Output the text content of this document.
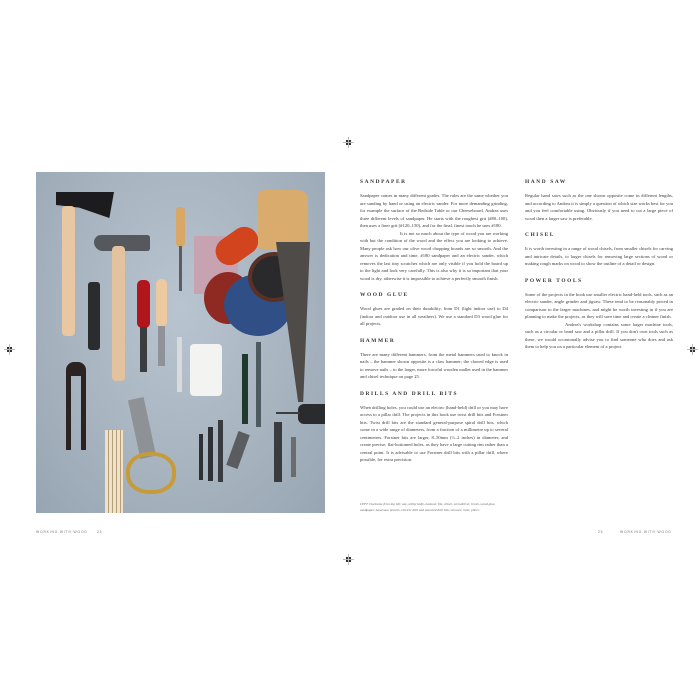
WORKING WITH WOOD	24
SANDPAPER
Sandpaper comes in many different grades. The rules are the same whether you are sanding by hand or using an electric sander. For more demanding grinding, for example the surface of the Bedside Table or our Cheeseboard, Andrea uses three different levels of sandpaper. He starts with the roughest grit (#80–100), then uses a finer grit (#120–150), and for the final, finest touch he uses #180.
It is not so much about the type of wood you are working with but the condition of the wood and the effect you are looking to achieve. Many people ask how our olive wood chopping boards are so smooth. And the answer is dedication and time, #180 sandpaper and an electric sander, which removes the last tiny scratches which are only visible if you hold the board up to the light and look very carefully. This is also why it is so important that your wood is dry, otherwise it is impossible to achieve a perfectly smooth finish.
WOOD GLUE
Wood glues are graded on their durability, from D1 (light indoor use) to D4 (indoor and outdoor use in all weathers). We use a standard D3 wood glue for all projects.
HAMMER
There are many different hammers, from the metal hammers used to knock in nails – the hammer shown opposite is a claw hammer; the clawed edge is used to remove nails – to the larger, more forceful wooden mallet used in the hammer and chisel technique on page 25.
DRILLS AND DRILL BITS
When drilling holes, you could use an electric (hand-held) drill or you may have access to a pillar drill. The projects in this book use twist drill bits and Forstner bits. Twist drill bits are the standard general-purpose spiral drill bits, which come in a wide range of diameters, from a fraction of a millimetre up to several centimetres. Forstner bits are larger, 8–50mm (⅓–2 inches) in diameter, and create precise, flat-bottomed holes, as they have a large cutting rim rather than a central point. It is advisable to use Forstner drill bits with a pillar drill, where possible, for extra precision.
LEFT Clockwise from top left: axe, utility knife, hammer, file, chisel, screwdriver, brush, wood glue, sandpaper, hand saw, pencils, electric drill and assorted drill bits, scissors, ruler, pliers.
HAND SAW
Regular hand saws such as the one shown opposite come in different lengths, and according to Andrea it is simply a question of which size works best for you and you feel comfortable using. Obviously if you need to cut a large piece of wood then a larger saw is preferable.
CHISEL
It is worth investing in a range of wood chisels, from smaller chisels for carving and intricate details, to larger chisels for removing large sections of wood or making rough marks on wood to show the outline of a detail or design.
POWER TOOLS
Some of the projects in the book use smaller electric hand-held tools, such as an electric sander, angle grinder and jigsaw. These tend to be reasonably priced in comparison to the larger machines, and might be worth investing in if you are planning to make the projects, as they will save time and create a cleaner finish.
Andrea's workshop contains some larger machine tools, such as a circular or band saw and a pillar drill. If you don't own tools such as these, we would occasionally advise you to find someone who does and ask them to help you on a particular element of a project.
25	WORKING WITH WOOD
